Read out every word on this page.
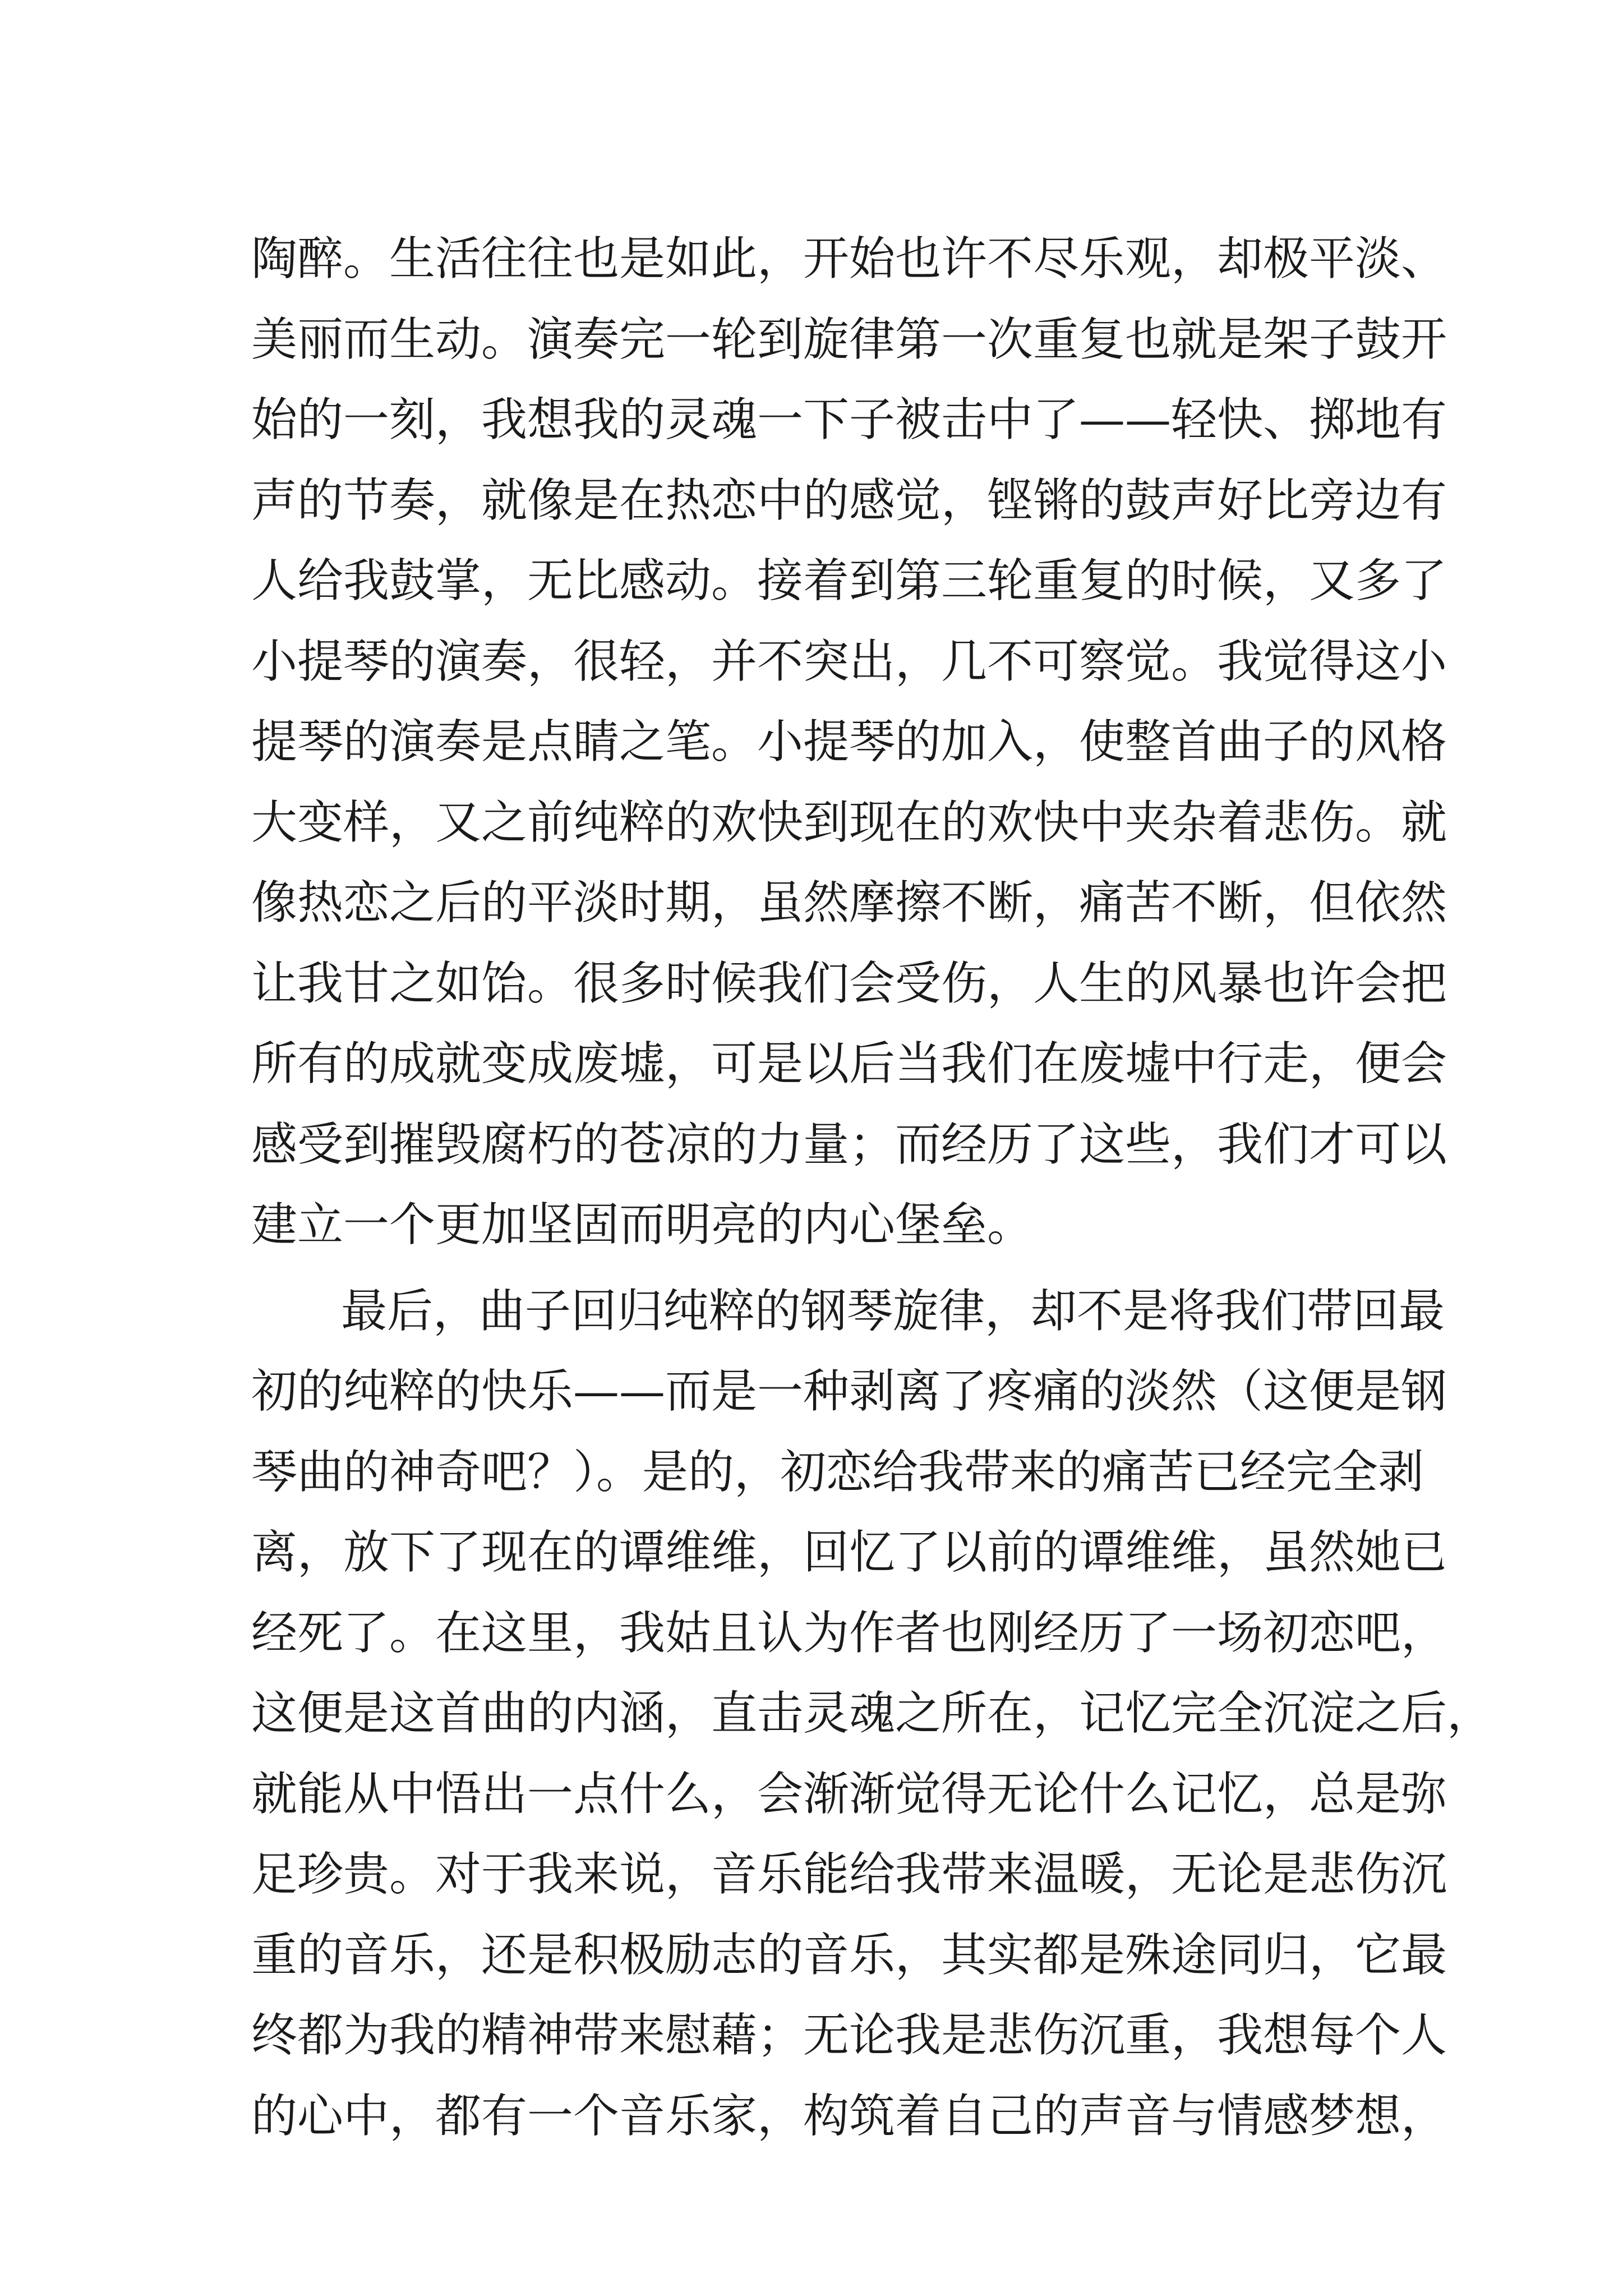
陶醉。生活往往也是如此，开始也许不尽乐观，却极平淡、
美丽而生动。演奏完一轮到旋律第一次重复也就是架子鼓开
始的一刻，我想我的灵魂一下子被击中了——轻快、掷地有
声的节奏，就像是在热恋中的感觉，铿锵的鼓声好比旁边有
人给我鼓掌，无比感动。接着到第三轮重复的时候，又多了
小提琴的演奏，很轻，并不突出，几不可察觉。我觉得这小
提琴的演奏是点睛之笔。小提琴的加入，使整首曲子的风格
大变样，又之前纯粹的欢快到现在的欢快中夹杂着悲伤。就
像热恋之后的平淡时期，虽然摩擦不断，痛苦不断，但依然
让我甘之如饴。很多时候我们会受伤，人生的风暴也许会把
所有的成就变成废墟，可是以后当我们在废墟中行走，便会
感受到摧毁腐朽的苍凉的力量；而经历了这些，我们才可以
建立一个更加坚固而明亮的内心堡垒。
最后，曲子回归纯粹的钢琴旋律，却不是将我们带回最
初的纯粹的快乐——而是一种剥离了疼痛的淡然（这便是钢
琴曲的神奇吧？）。是的，初恋给我带来的痛苦已经完全剥
离，放下了现在的谭维维，回忆了以前的谭维维，虽然她已
经死了。在这里，我姑且认为作者也刚经历了一场初恋吧，
这便是这首曲的内涵，直击灵魂之所在，记忆完全沉淀之后，
就能从中悟出一点什么，会渐渐觉得无论什么记忆，总是弥
足珍贵。对于我来说，音乐能给我带来温暖，无论是悲伤沉
重的音乐，还是积极励志的音乐，其实都是殊途同归，它最
终都为我的精神带来慰藉；无论我是悲伤沉重，我想每个人
的心中，都有一个音乐家，构筑着自己的声音与情感梦想，
